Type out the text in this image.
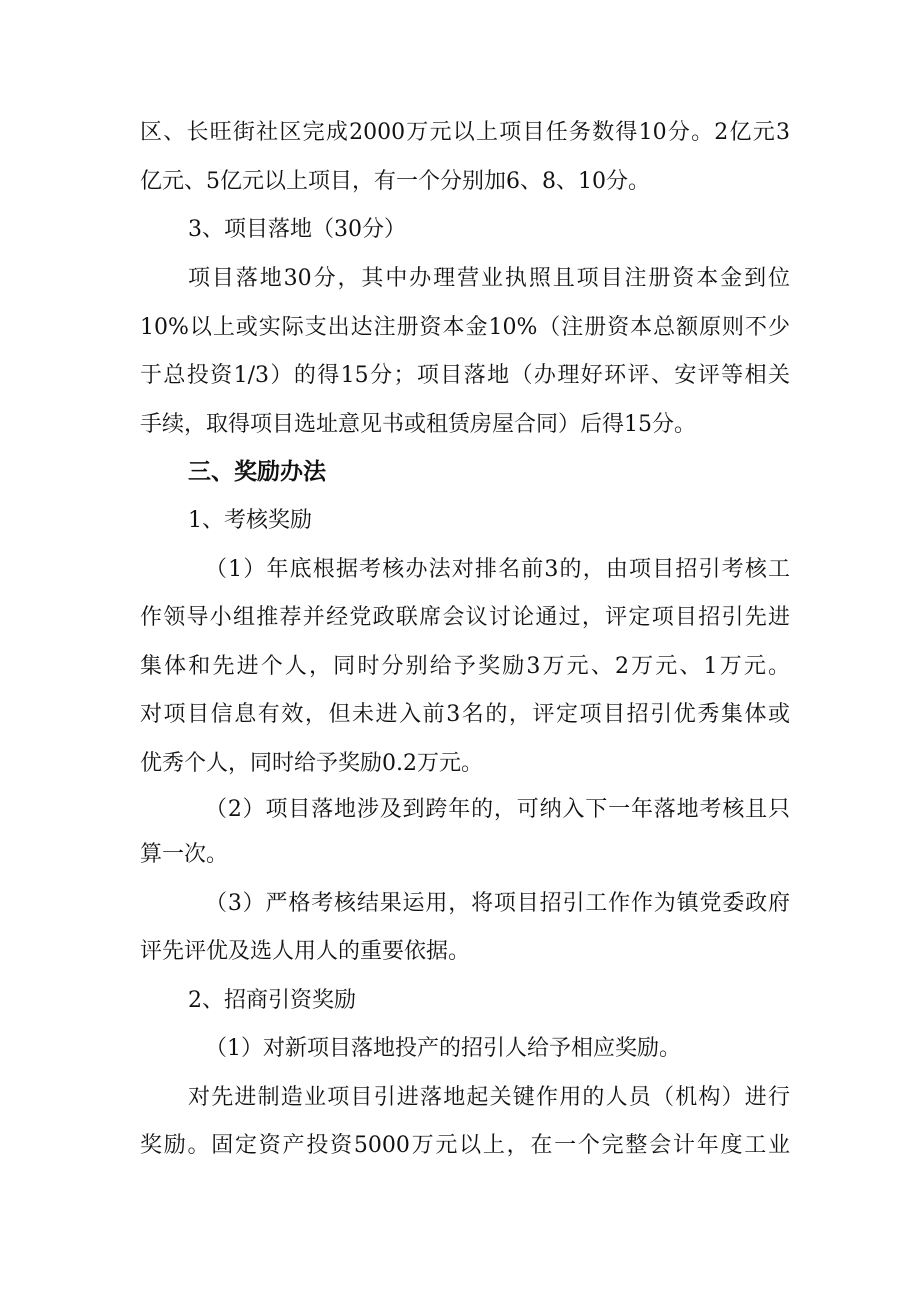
区、长旺街社区完成2000万元以上项目任务数得10分。2亿元3
亿元、5亿元以上项目，有一个分别加6、8、10分。
3、项目落地（30分）
项目落地30分，其中办理营业执照且项目注册资本金到位
10%以上或实际支出达注册资本金10%（注册资本总额原则不少
于总投资1/3）的得15分；项目落地（办理好环评、安评等相关
手续，取得项目选址意见书或租赁房屋合同）后得15分。
三、奖励办法
1、考核奖励
（1）年底根据考核办法对排名前3的，由项目招引考核工
作领导小组推荐并经党政联席会议讨论通过，评定项目招引先进
集体和先进个人，同时分别给予奖励3万元、2万元、1万元。
对项目信息有效，但未进入前3名的，评定项目招引优秀集体或
优秀个人，同时给予奖励0.2万元。
（2）项目落地涉及到跨年的，可纳入下一年落地考核且只
算一次。
（3）严格考核结果运用，将项目招引工作作为镇党委政府
评先评优及选人用人的重要依据。
2、招商引资奖励
（1）对新项目落地投产的招引人给予相应奖励。
对先进制造业项目引进落地起关键作用的人员（机构）进行
奖励。固定资产投资5000万元以上，在一个完整会计年度工业
